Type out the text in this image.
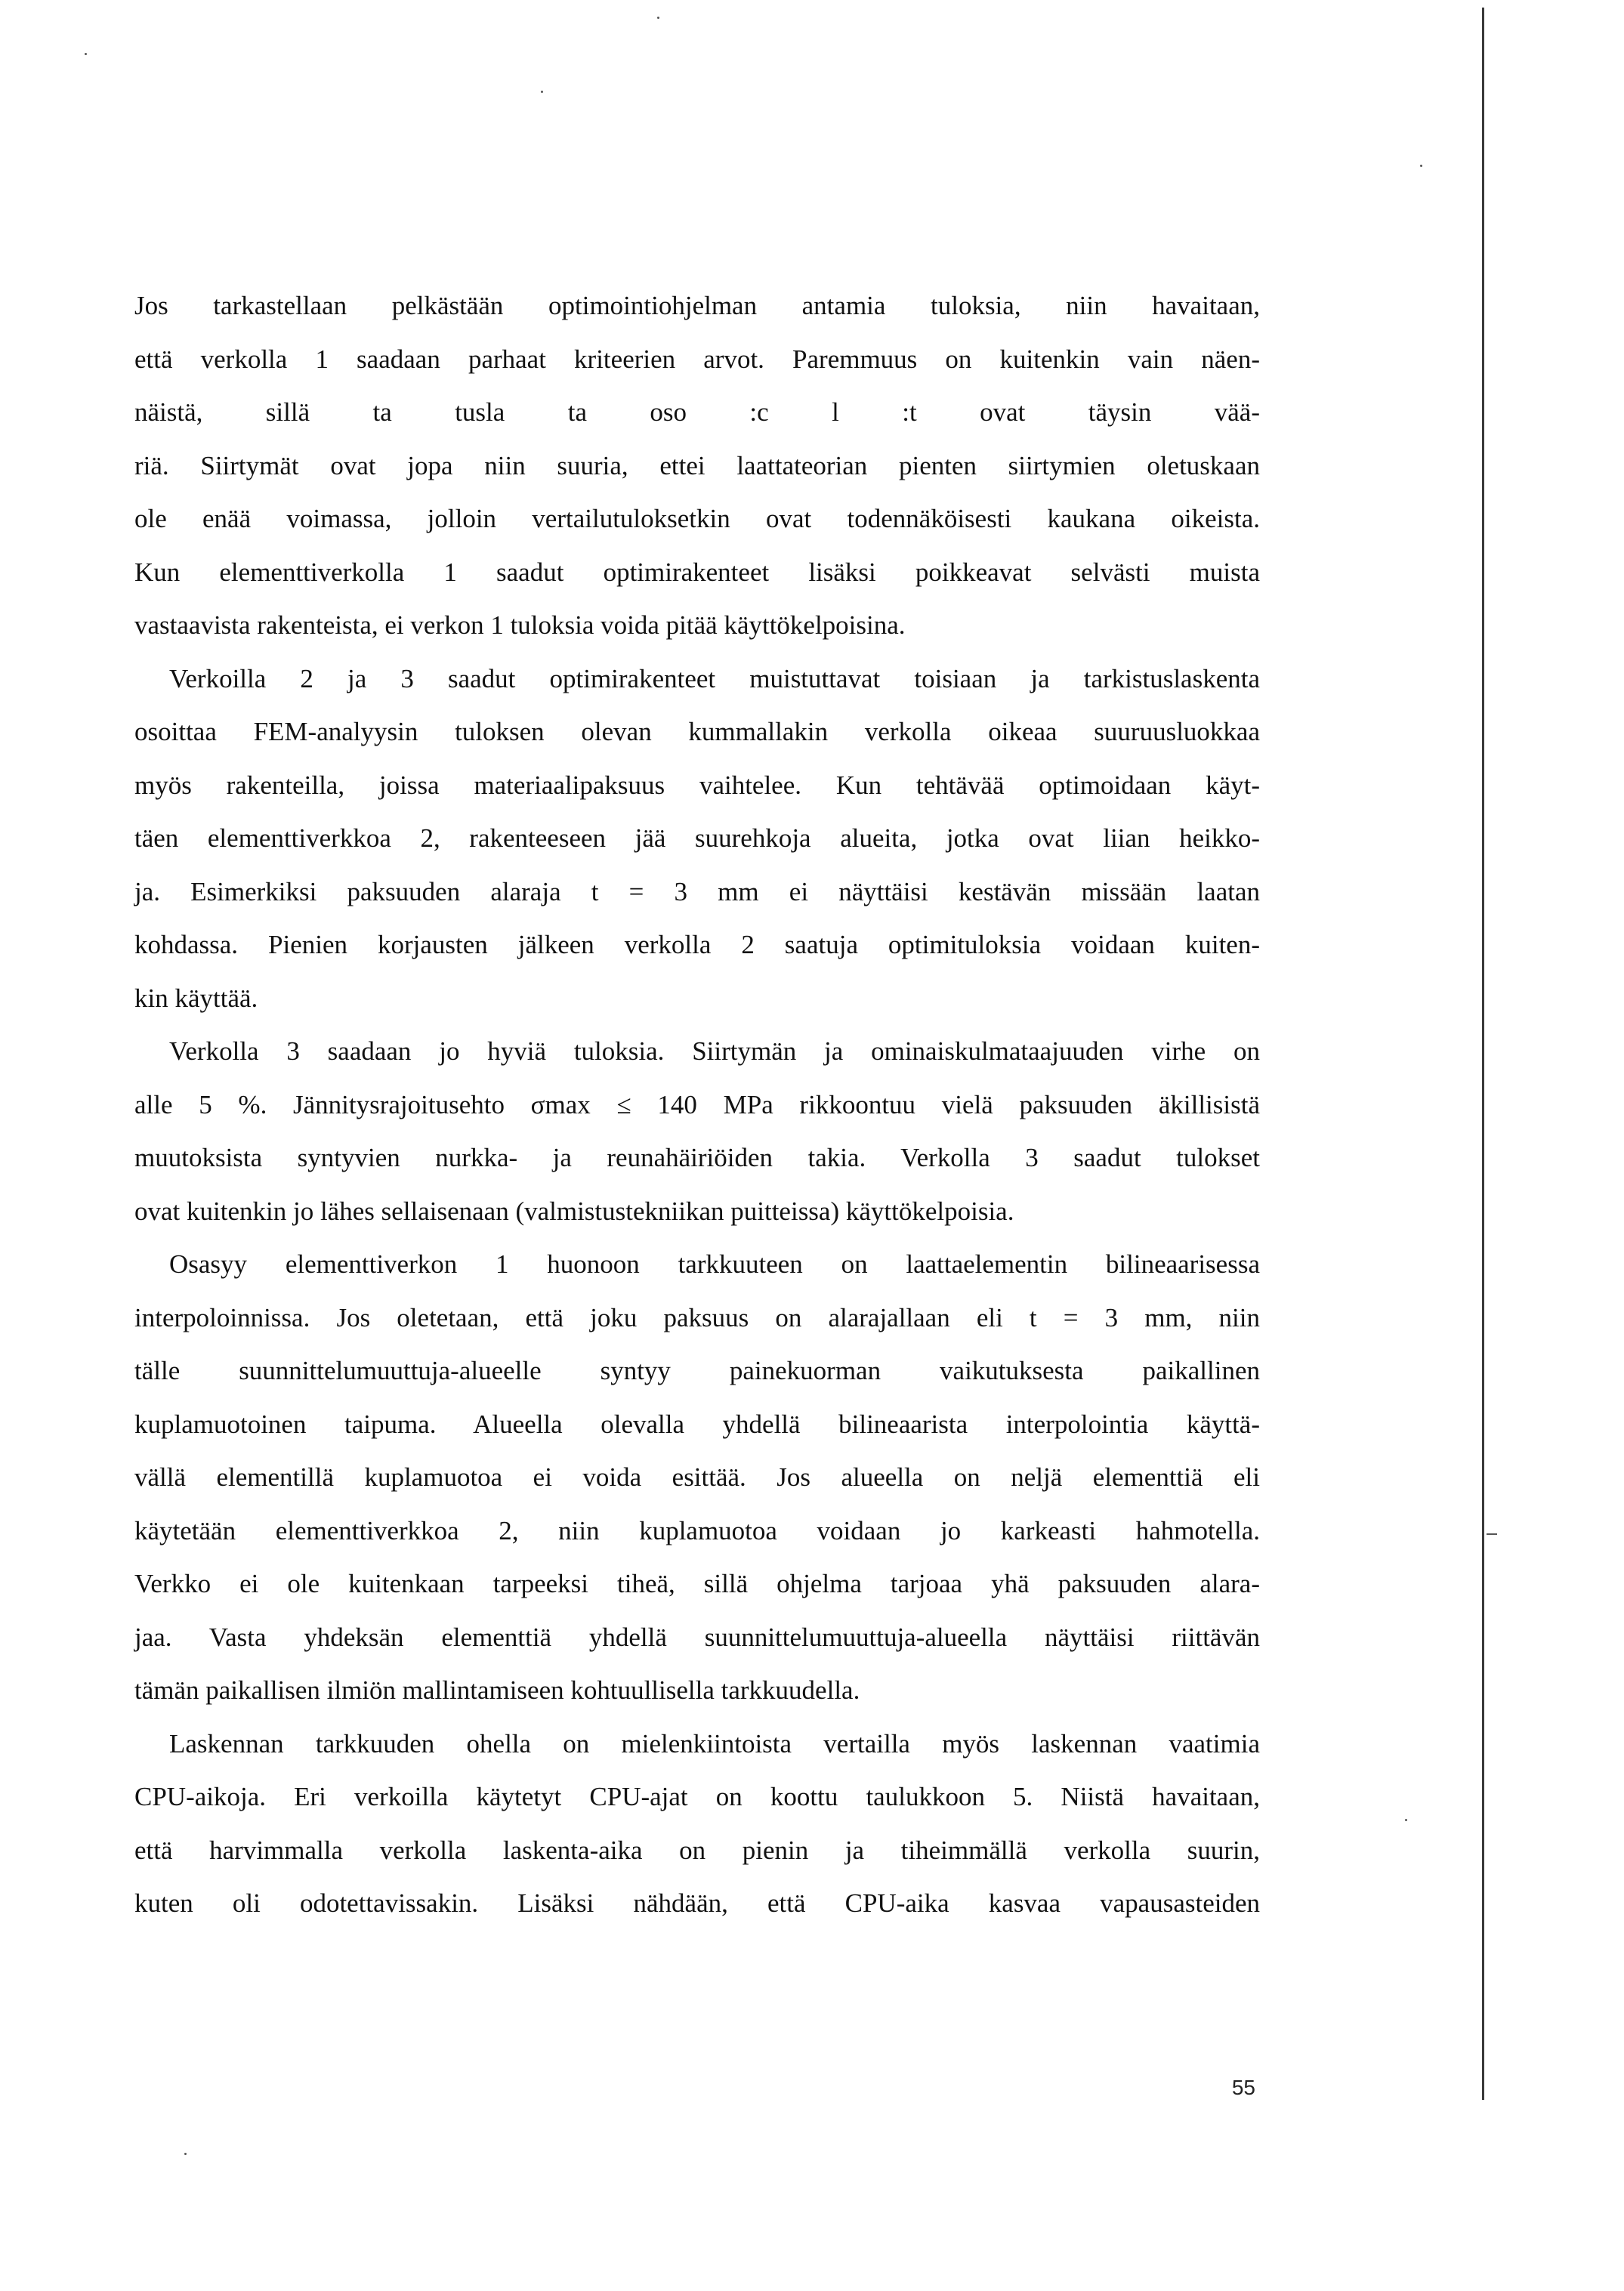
Jos tarkastellaan pelkästään optimointiohjelman antamia tuloksia, niin havaitaan,
että verkolla 1 saadaan parhaat kriteerien arvot. Paremmuus on kuitenkin vain näen-
näistä, sillä ta tusla ta oso :c l :t ovat täysin vää-
riä. Siirtymät ovat jopa niin suuria, ettei laattateorian pienten siirtymien oletuskaan
ole enää voimassa, jolloin vertailutuloksetkin ovat todennäköisesti kaukana oikeista.
Kun elementtiverkolla 1 saadut optimirakenteet lisäksi poikkeavat selvästi muista
vastaavista rakenteista, ei verkon 1 tuloksia voida pitää käyttökelpoisina.

Verkoilla 2 ja 3 saadut optimirakenteet muistuttavat toisiaan ja tarkistuslaskenta
osoittaa FEM-analyysin tuloksen olevan kummallakin verkolla oikeaa suuruusluokkaa
myös rakenteilla, joissa materiaalipaksuus vaihtelee. Kun tehtävää optimoidaan käyt-
täen elementtiverkkoa 2, rakenteeseen jää suurehkoja alueita, jotka ovat liian heikko-
ja. Esimerkiksi paksuuden alaraja t = 3 mm ei näyttäisi kestävän missään laatan
kohdassa. Pienien korjausten jälkeen verkolla 2 saatuja optimituloksia voidaan kuiten-
kin käyttää.

Verkolla 3 saadaan jo hyviä tuloksia. Siirtymän ja ominaiskulmataajuuden virhe on
alle 5 %. Jännitysrajoitusehto σmax ≤ 140 MPa rikkoontuu vielä paksuuden äkillisistä
muutoksista syntyvien nurkka- ja reunahäiriöiden takia. Verkolla 3 saadut tulokset
ovat kuitenkin jo lähes sellaisenaan (valmistustekniikan puitteissa) käyttökelpoisia.

Osasyy elementtiverkon 1 huonoon tarkkuuteen on laattaelementin bilineaarisessa
interpoloinnissa. Jos oletetaan, että joku paksuus on alarajallaan eli t = 3 mm, niin
tälle suunnittelumuuttuja-alueelle syntyy painekuorman vaikutuksesta paikallinen
kuplamuotoinen taipuma. Alueella olevalla yhdellä bilineaarista interpolointia käyttä-
vällä elementillä kuplamuotoa ei voida esittää. Jos alueella on neljä elementtiä eli
käytetään elementtiverkkoa 2, niin kuplamuotoa voidaan jo karkeasti hahmotella.
Verkko ei ole kuitenkaan tarpeeksi tiheä, sillä ohjelma tarjoaa yhä paksuuden alara-
jaa. Vasta yhdeksän elementtiä yhdellä suunnittelumuuttuja-alueella näyttäisi riittävän
tämän paikallisen ilmiön mallintamiseen kohtuullisella tarkkuudella.

Laskennan tarkkuuden ohella on mielenkiintoista vertailla myös laskennan vaatimia
CPU-aikoja. Eri verkoilla käytetyt CPU-ajat on koottu taulukkoon 5. Niistä havaitaan,
että harvimmalla verkolla laskenta-aika on pienin ja tiheimmällä verkolla suurin,
kuten oli odotettavissakin. Lisäksi nähdään, että CPU-aika kasvaa vapausasteiden

55
